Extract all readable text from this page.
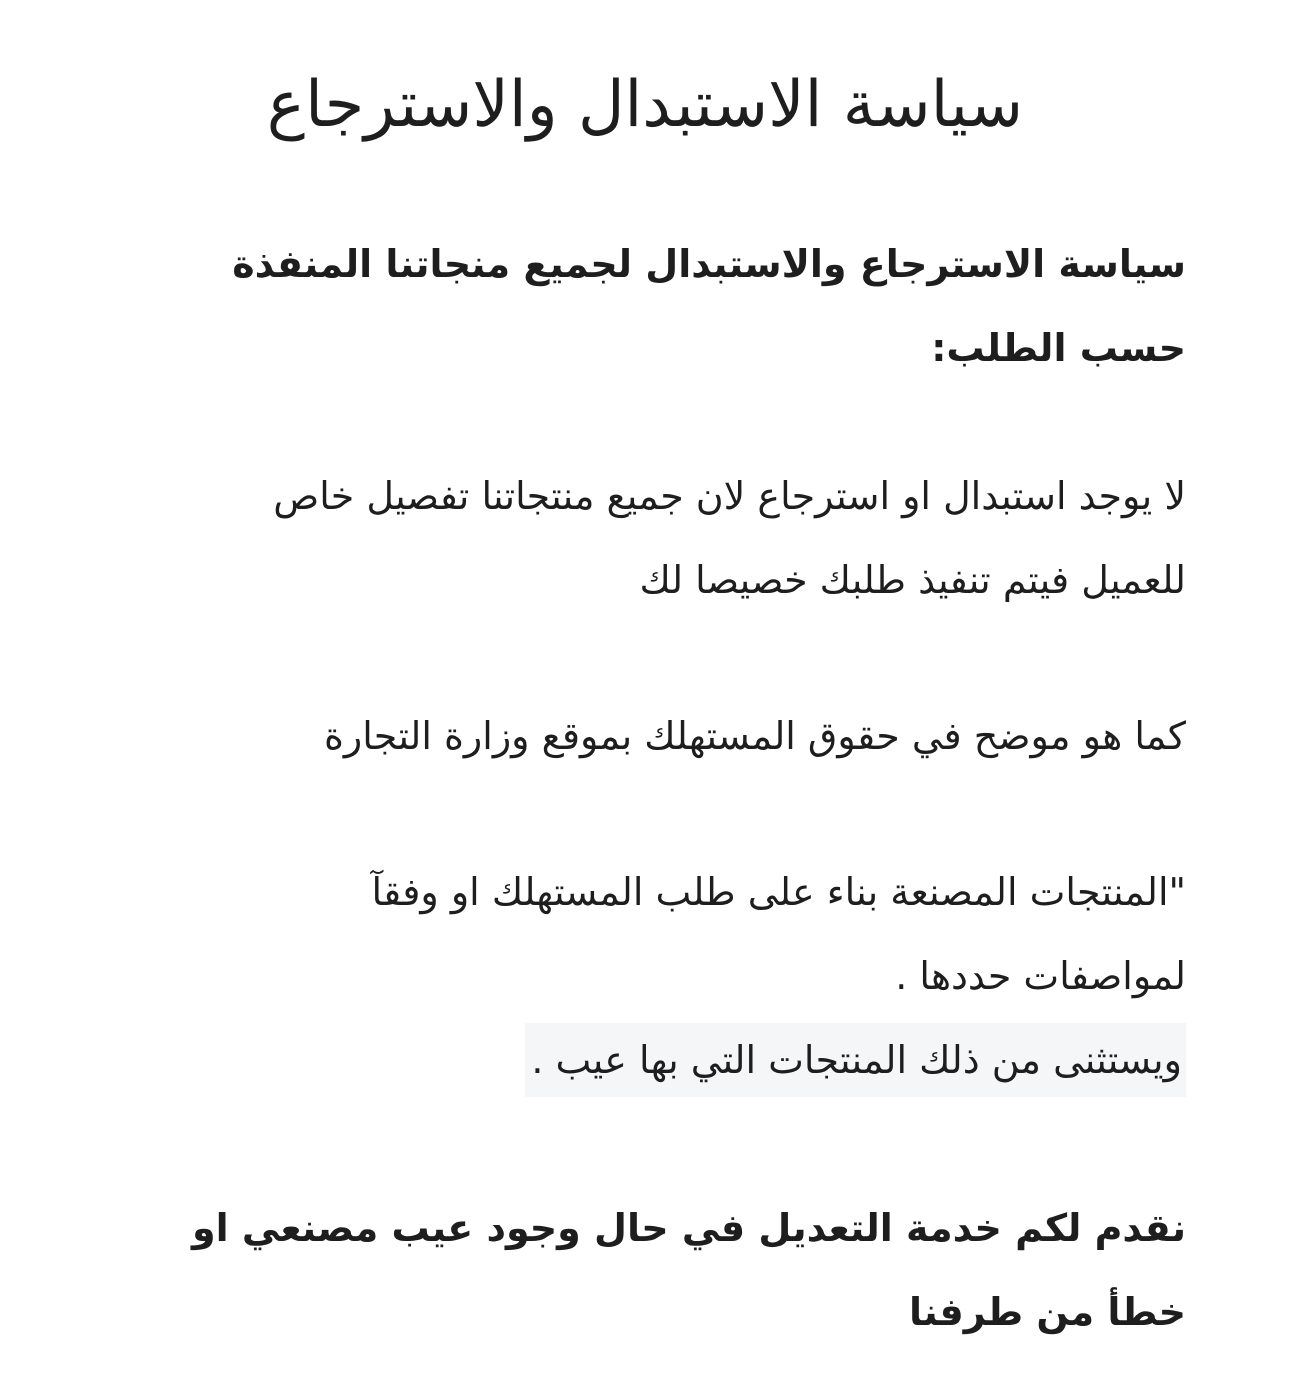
سياسة الاستبدال والاسترجاع

سياسة الاسترجاع والاستبدال لجميع منجاتنا المنفذة
حسب الطلب:

لا يوجد استبدال او استرجاع لان جميع منتجاتنا تفصيل خاص
للعميل فيتم تنفيذ طلبك خصيصا لك

كما هو موضح في حقوق المستهلك بموقع وزارة التجارة

"المنتجات المصنعة بناء على طلب المستهلك او وفقآ
لمواصفات حددها .
ويستثنى من ذلك المنتجات التي بها عيب .

نقدم لكم خدمة التعديل في حال وجود عيب مصنعي او
خطأ من طرفنا
